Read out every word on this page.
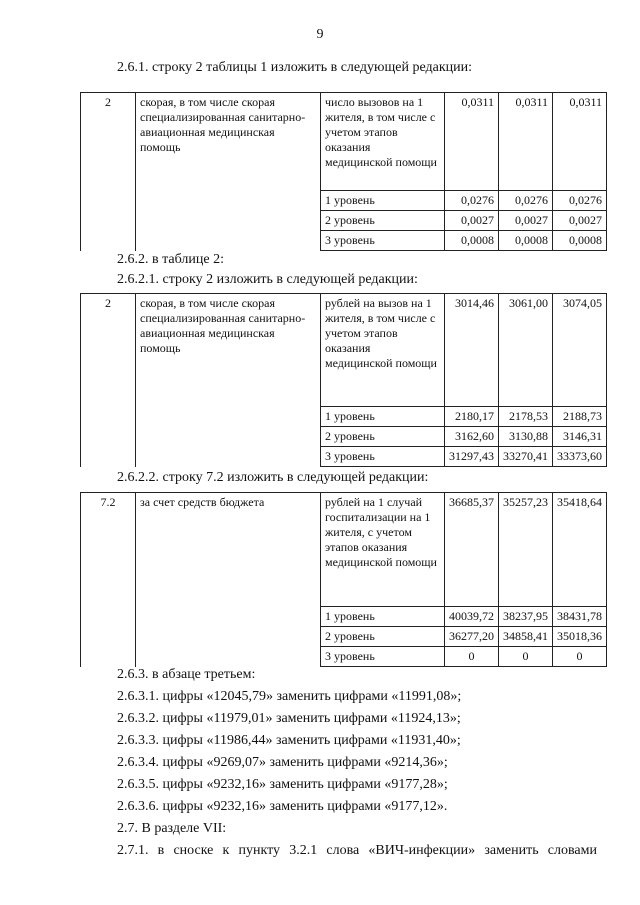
9
2.6.1. строку 2 таблицы 1 изложить в следующей редакции:
2	скорая, в том числе скорая специализированная санитарно-авиационная медицинская помощь	число вызовов на 1 жителя, в том числе с учетом этапов оказания медицинской помощи	0,0311	0,0311	0,0311
		1 уровень	0,0276	0,0276	0,0276
		2 уровень	0,0027	0,0027	0,0027
		3 уровень	0,0008	0,0008	0,0008
2.6.2. в таблице 2:
2.6.2.1. строку 2 изложить в следующей редакции:
2	скорая, в том числе скорая специализированная санитарно-авиационная медицинская помощь	рублей на вызов на 1 жителя, в том числе с учетом этапов оказания медицинской помощи	3014,46	3061,00	3074,05
		1 уровень	2180,17	2178,53	2188,73
		2 уровень	3162,60	3130,88	3146,31
		3 уровень	31297,43	33270,41	33373,60
2.6.2.2. строку 7.2 изложить в следующей редакции:
7.2	за счет средств бюджета	рублей на 1 случай госпитализации на 1 жителя, с учетом этапов оказания медицинской помощи	36685,37	35257,23	35418,64
		1 уровень	40039,72	38237,95	38431,78
		2 уровень	36277,20	34858,41	35018,36
		3 уровень	0	0	0
2.6.3. в абзаце третьем:
2.6.3.1. цифры «12045,79» заменить цифрами «11991,08»;
2.6.3.2. цифры «11979,01» заменить цифрами «11924,13»;
2.6.3.3. цифры «11986,44» заменить цифрами «11931,40»;
2.6.3.4. цифры «9269,07» заменить цифрами «9214,36»;
2.6.3.5. цифры «9232,16» заменить цифрами «9177,28»;
2.6.3.6. цифры «9232,16» заменить цифрами «9177,12».
2.7. В разделе VII:
2.7.1. в сноске к пункту 3.2.1 слова «ВИЧ-инфекции» заменить словами
